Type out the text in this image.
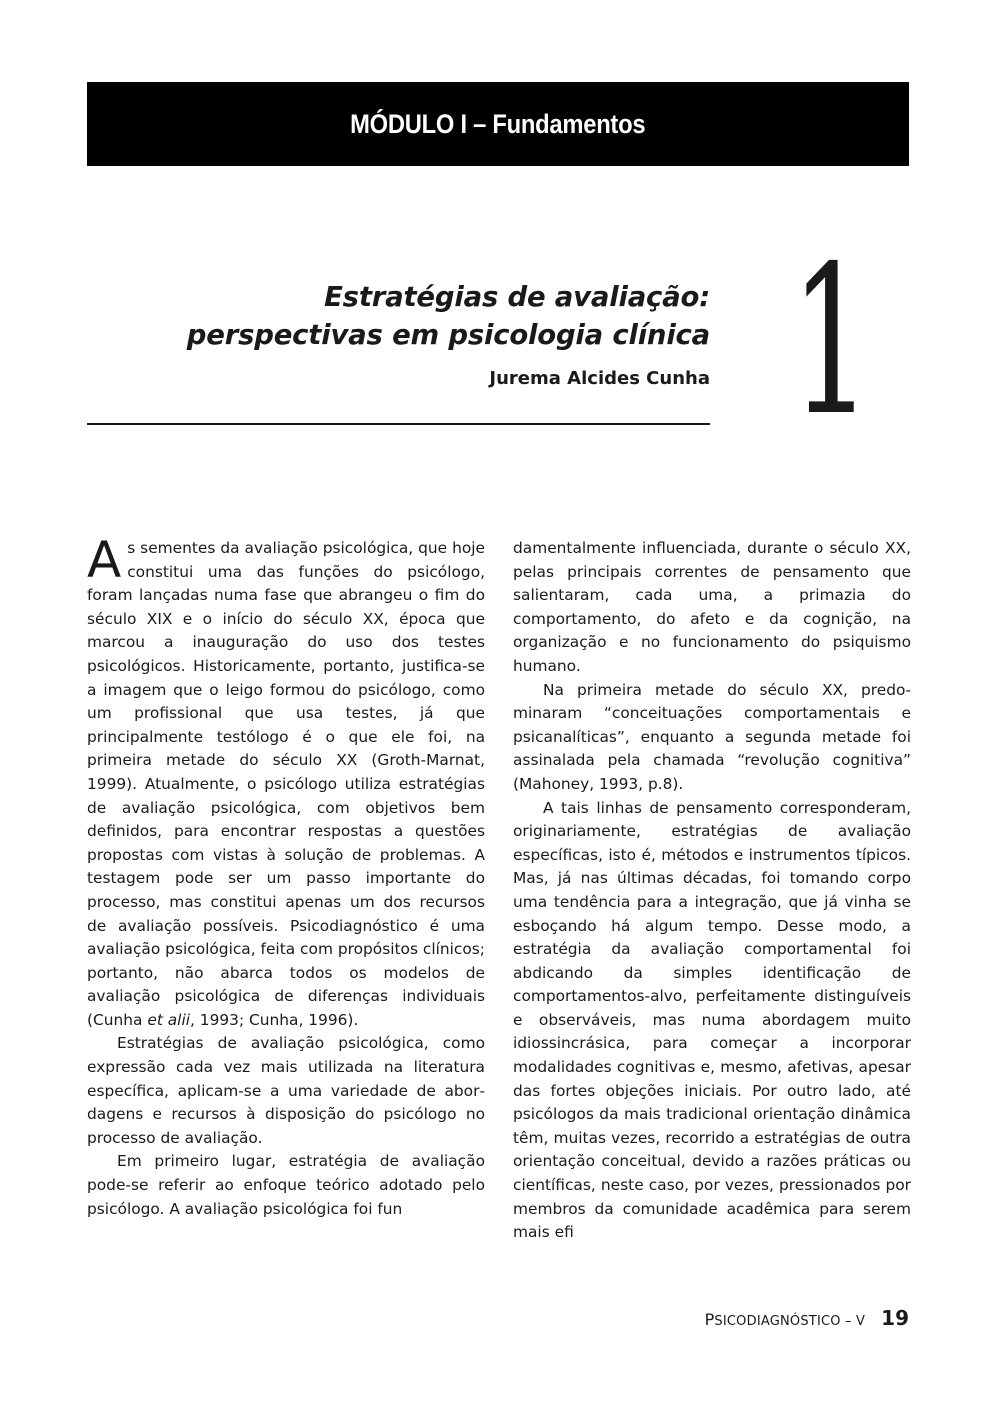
MÓDULO I – Fundamentos
Estratégias de avaliação:
perspectivas em psicologia clínica
Jurema Alcides Cunha 1

As sementes da avaliação psicológica, que hoje constitui uma das funções do psicólogo, foram lançadas numa fase que abrangeu o fim do século XIX e o início do século XX, época que marcou a inauguração do uso dos testes psicológicos. Historicamente, portanto, justifica-se a imagem que o leigo formou do psicólogo, como um profissional que usa testes, já que principalmente testólogo é o que ele foi, na primeira metade do século XX (Groth-Marnat, 1999). Atualmente, o psicólogo utiliza estratégias de avaliação psicológica, com objetivos bem definidos, para encontrar respostas a questões propostas com vistas à solução de problemas. A testagem pode ser um passo importante do processo, mas constitui apenas um dos recursos de avaliação possíveis. Psicodiagnóstico é uma avaliação psicológica, feita com propósitos clínicos; portanto, não abarca todos os modelos de avaliação psicológica de diferenças individuais (Cunha et alii, 1993; Cunha, 1996).

Estratégias de avaliação psicológica, como expressão cada vez mais utilizada na literatura específica, aplicam-se a uma variedade de abordagens e recursos à disposição do psicólogo no processo de avaliação.

Em primeiro lugar, estratégia de avaliação pode-se referir ao enfoque teórico adotado pelo psicólogo. A avaliação psicológica foi fun

damentalmente influenciada, durante o século XX, pelas principais correntes de pensamento que salientaram, cada uma, a primazia do comportamento, do afeto e da cognição, na organização e no funcionamento do psiquismo humano.

Na primeira metade do século XX, predominaram “conceituações comportamentais e psicanalíticas”, enquanto a segunda metade foi assinalada pela chamada “revolução cognitiva” (Mahoney, 1993, p.8).

A tais linhas de pensamento corresponderam, originariamente, estratégias de avaliação específicas, isto é, métodos e instrumentos típicos. Mas, já nas últimas décadas, foi tomando corpo uma tendência para a integração, que já vinha se esboçando há algum tempo. Desse modo, a estratégia da avaliação comportamental foi abdicando da simples identificação de comportamentos-alvo, perfeitamente distinguíveis e observáveis, mas numa abordagem muito idiossincrásica, para começar a incorporar modalidades cognitivas e, mesmo, afetivas, apesar das fortes objeções iniciais. Por outro lado, até psicólogos da mais tradicional orientação dinâmica têm, muitas vezes, recorrido a estratégias de outra orientação conceitual, devido a razões práticas ou científicas, neste caso, por vezes, pressionados por membros da comunidade acadêmica para serem mais efi

PSICODIAGNÓSTICO – V 19
